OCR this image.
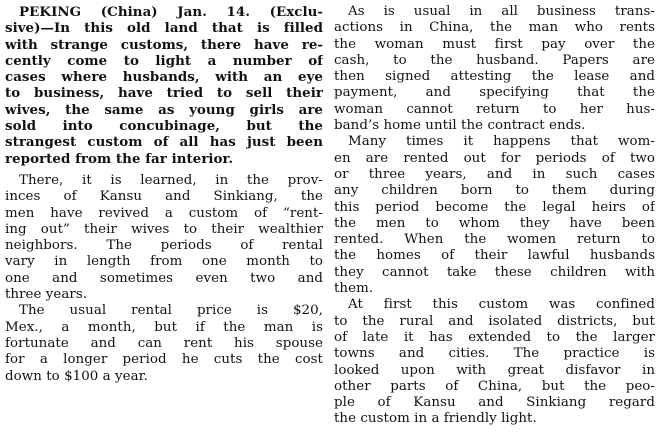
PEKING (China) Jan. 14. (Exclu-
sive)—In this old land that is filled
with strange customs, there have re-
cently come to light a number of
cases where husbands, with an eye
to business, have tried to sell their
wives, the same as young girls are
sold into concubinage, but the
strangest custom of all has just been
reported from the far interior.
There, it is learned, in the prov-
inces of Kansu and Sinkiang, the
men have revived a custom of “rent-
ing out” their wives to their wealthier
neighbors. The periods of rental
vary in length from one month to
one and sometimes even two and
three years.
The usual rental price is $20,
Mex., a month, but if the man is
fortunate and can rent his spouse
for a longer period he cuts the cost
down to $100 a year.
As is usual in all business trans-
actions in China, the man who rents
the woman must first pay over the
cash, to the husband. Papers are
then signed attesting the lease and
payment, and specifying that the
woman cannot return to her hus-
band’s home until the contract ends.
Many times it happens that wom-
en are rented out for periods of two
or three years, and in such cases
any children born to them during
this period become the legal heirs of
the men to whom they have been
rented. When the women return to
the homes of their lawful husbands
they cannot take these children with
them.
At first this custom was confined
to the rural and isolated districts, but
of late it has extended to the larger
towns and cities. The practice is
looked upon with great disfavor in
other parts of China, but the peo-
ple of Kansu and Sinkiang regard
the custom in a friendly light.
